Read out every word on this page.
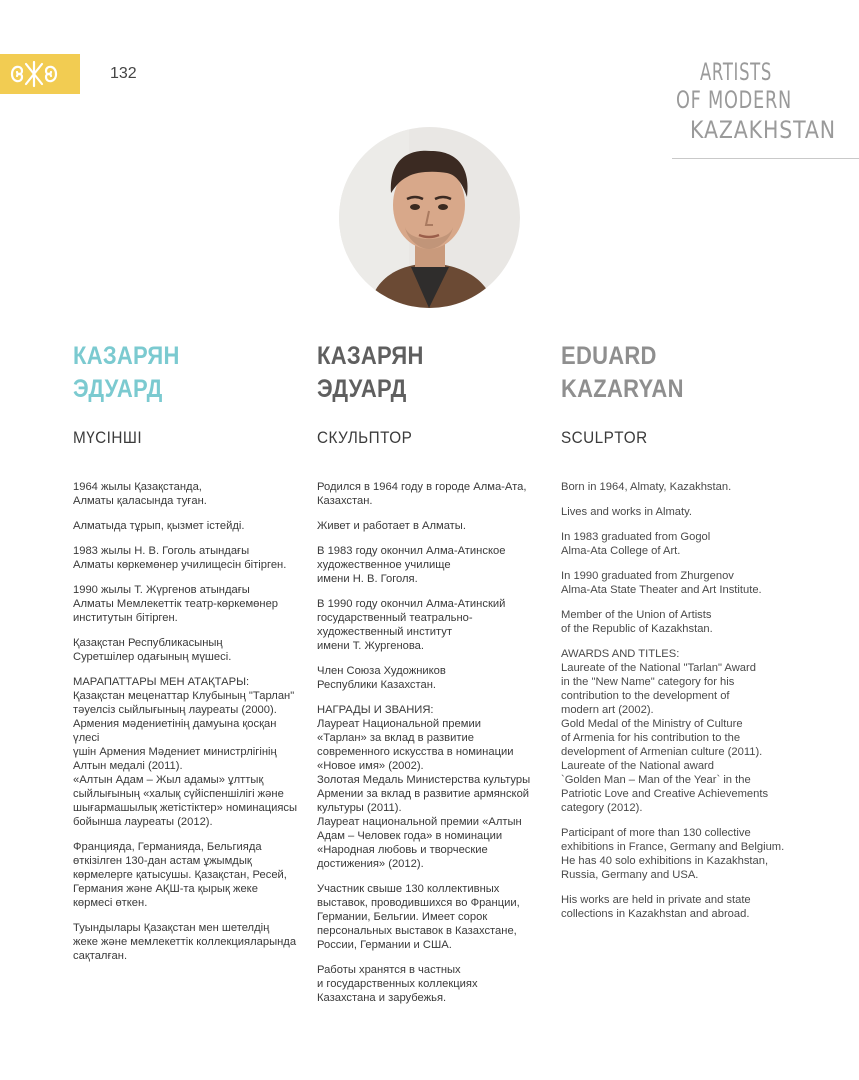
132	ARTISTS
OF MODERN
KAZAKHSTAN
КАЗАРЯН
ЭДУАРД
МҮСІНШІ

1964 жылы Қазақстанда,
Алматы қаласында туған.

Алматыда тұрып, қызмет істейді.

1983 жылы Н. В. Гоголь атындағы
Алматы көркемөнер училищесін бітірген.

1990 жылы Т. Жүргенов атындағы
Алматы Мемлекеттік театр-көркемөнер
институтын бітірген.

Қазақстан Республикасының
Суретшілер одағының мүшесі.

МАРАПАТТАРЫ МЕН АТАҚТАРЫ:
Қазақстан меценаттар Клубының "Тарлан"
тәуелсіз сыйлығының лауреаты (2000).
Армения мәдениетінің дамуына қосқан үлесі
үшін Армения Мәдениет министрлігінің
Алтын медалі (2011).
«Алтын Адам – Жыл адамы» ұлттық
сыйлығының «халық сүйіспеншілігі және
шығармашылық жетістіктер» номинациясы
бойынша лауреаты (2012).

Францияда, Германияда, Бельгияда
өткізілген 130-дан астам ұжымдық
көрмелерге қатысушы. Қазақстан, Ресей,
Германия және АҚШ-та қырық жеке
көрмесі өткен.

Туындылары Қазақстан мен шетелдің
жеке және мемлекеттік коллекцияларында
сақталған.

КАЗАРЯН
ЭДУАРД
СКУЛЬПТОР

Родился в 1964 году в городе Алма-Ата,
Казахстан.

Живет и работает в Алматы.

В 1983 году окончил Алма-Атинское
художественное училище
имени Н. В. Гоголя.

В 1990 году окончил Алма-Атинский
государственный театрально-
художественный институт
имени Т. Жургенова.

Член Союза Художников
Республики Казахстан.

НАГРАДЫ И ЗВАНИЯ:
Лауреат Национальной премии
«Тарлан» за вклад в развитие
современного искусства в номинации
«Новое имя» (2002).
Золотая Медаль Министерства культуры
Армении за вклад в развитие армянской
культуры (2011).
Лауреат национальной премии «Алтын
Адам – Человек года» в номинации
«Народная любовь и творческие
достижения» (2012).

Участник свыше 130 коллективных
выставок, проводившихся во Франции,
Германии, Бельгии. Имеет сорок
персональных выставок в Казахстане,
России, Германии и США.

Работы хранятся в частных
и государственных коллекциях
Казахстана и зарубежья.

EDUARD
KAZARYAN
SCULPTOR

Born in 1964, Almaty, Kazakhstan.

Lives and works in Almaty.

In 1983 graduated from Gogol
Alma-Ata College of Art.

In 1990 graduated from Zhurgenov
Alma-Ata State Theater and Art Institute.

Member of the Union of Artists
of the Republic of Kazakhstan.

AWARDS AND TITLES:
Laureate of the National "Tarlan" Award
in the "New Name" category for his
contribution to the development of
modern art (2002).
Gold Medal of the Ministry of Culture
of Armenia for his contribution to the
development of Armenian culture (2011).
Laureate of the National award
`Golden Man – Man of the Year` in the
Patriotic Love and Creative Achievements
category (2012).

Participant of more than 130 collective
exhibitions in France, Germany and Belgium.
He has 40 solo exhibitions in Kazakhstan,
Russia, Germany and USA.

His works are held in private and state
collections in Kazakhstan and abroad.
